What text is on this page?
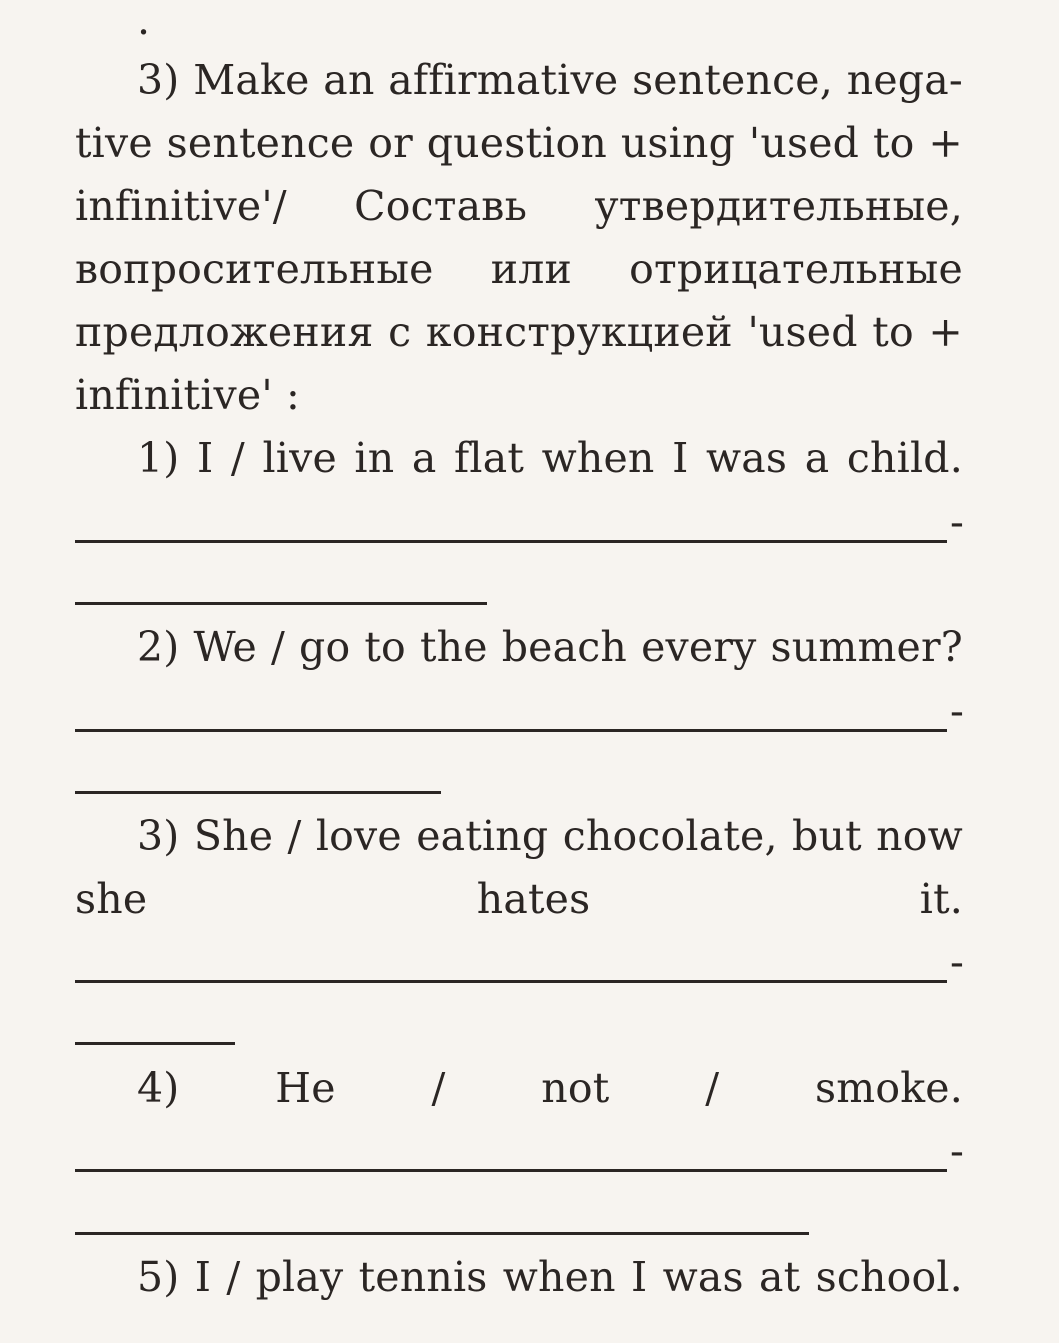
.
3) Make an affirmative sentence, nega-
tive sentence or question using 'used to +
infinitive'/ Составь утвердительные,
вопросительные или отрицательные
предложения с конструкцией 'used to +
infinitive' :
1) I / live in a flat when I was a child.
-
2) We / go to the beach every summer?
-
3) She / love eating chocolate, but now
she	hates	it.
-
4) He / not / smoke.
-
5) I / play tennis when I was at school.
